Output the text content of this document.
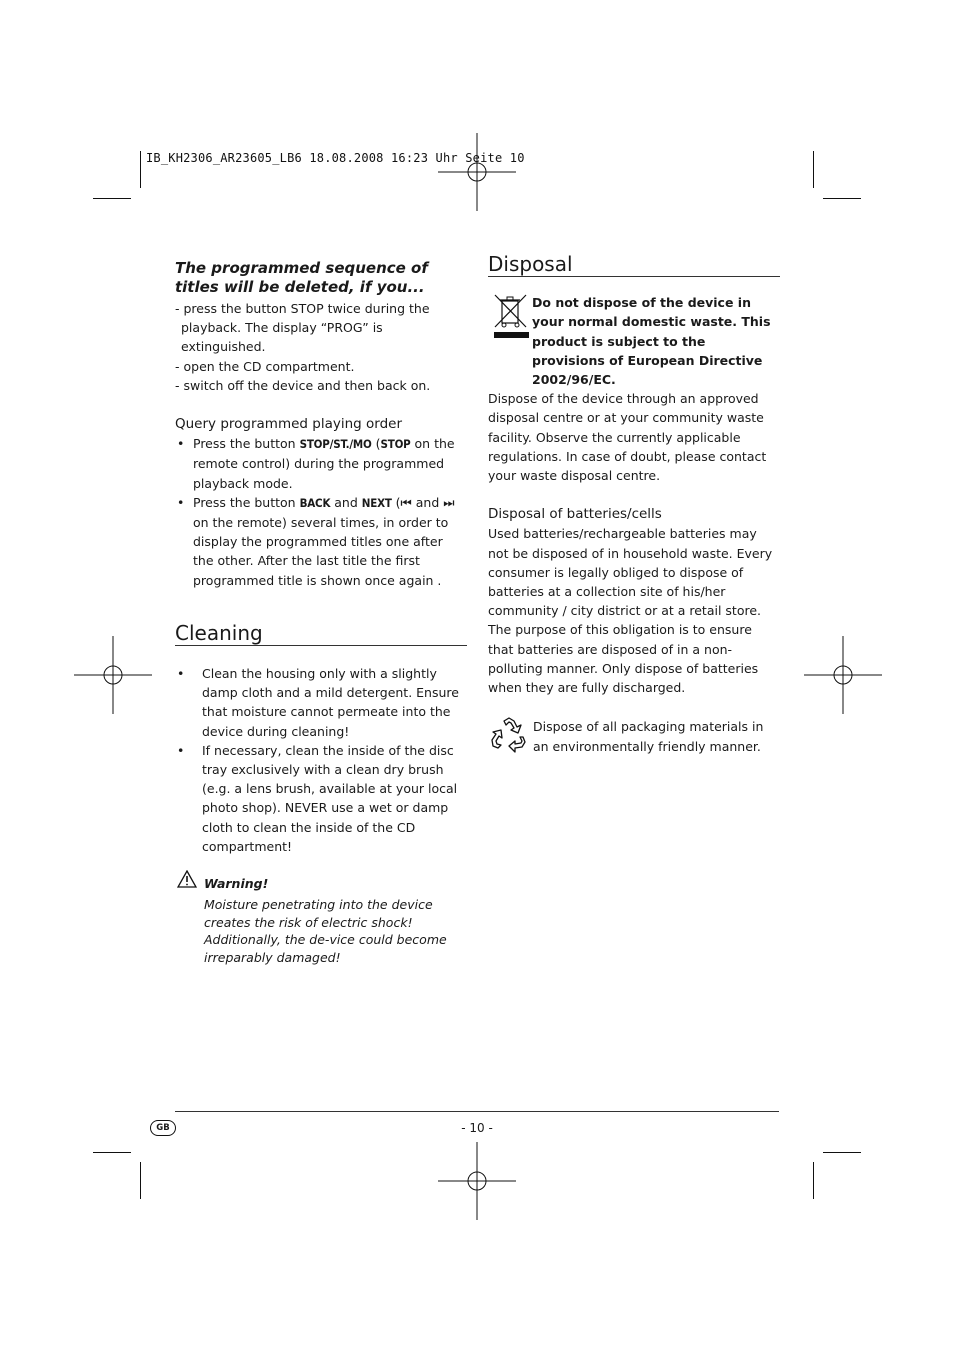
IB_KH2306_AR23605_LB6 18.08.2008 16:23 Uhr Seite 10

The programmed sequence of titles will be deleted, if you...

- press the button STOP twice during the playback. The display “PROG” is extinguished.

- open the CD compartment.

- switch off the device and then back on.

Query programmed playing order

• Press the button STOP/ST./MO (STOP on the remote control) during the programmed playback mode.
• Press the button BACK and NEXT (⏮ and ⏭ on the remote) several times, in order to display the programmed titles one after the other. After the last title the first programmed title is shown once again .
Cleaning
• Clean the housing only with a slightly damp cloth and a mild detergent. Ensure that moisture cannot permeate into the device during cleaning!
• If necessary, clean the inside of the disc tray exclusively with a clean dry brush (e.g. a lens brush, available at your local photo shop). NEVER use a wet or damp cloth to clean the inside of the CD compartment!

Warning!

Moisture penetrating into the device creates the risk of electric shock! Additionally, the de-vice could become irreparably damaged!

Disposal

Do not dispose of the device in your normal domestic waste. This product is subject to the provisions of European Directive 2002/96/EC.

Dispose of the device through an approved disposal centre or at your community waste facility. Observe the currently applicable regulations. In case of doubt, please contact your waste disposal centre.

Disposal of batteries/cells

Used batteries/rechargeable batteries may not be disposed of in household waste. Every consumer is legally obliged to dispose of batteries at a collection site of his/her community / city district or at a retail store.

The purpose of this obligation is to ensure that batteries are disposed of in a non-polluting manner. Only dispose of batteries when they are fully discharged.

Dispose of all packaging materials in an environmentally friendly manner.

GB	- 10 -
